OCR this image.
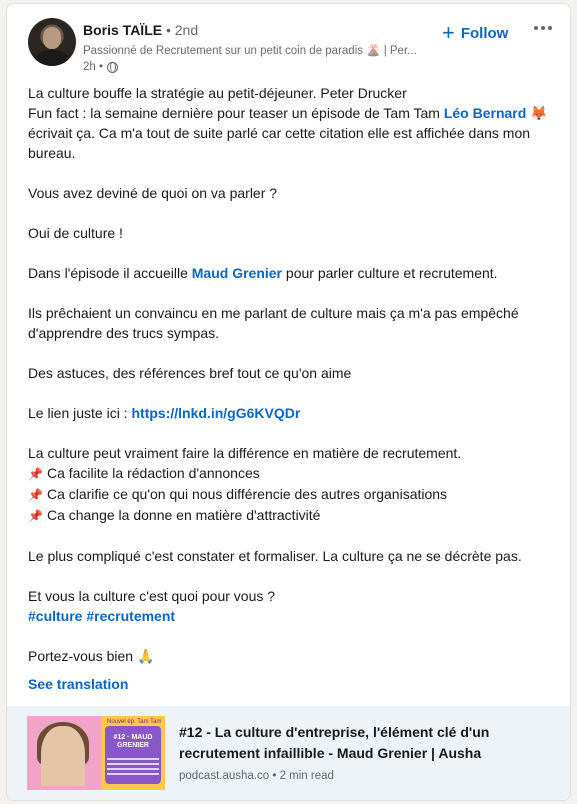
Boris TAÏLE • 2nd
Passionné de Recrutement sur un petit coin de paradis 🌋 | Per...
2h •
+ Follow

La culture bouffe la stratégie au petit-déjeuner. Peter Drucker

Fun fact : la semaine dernière pour teaser un épisode de Tam Tam Léo Bernard 🦊

écrivait ça. Ca m'a tout de suite parlé car cette citation elle est affichée dans mon

bureau.

Vous avez deviné de quoi on va parler ?

Oui de culture !

Dans l'épisode il accueille Maud Grenier pour parler culture et recrutement.

Ils prêchaient un convaincu en me parlant de culture mais ça m'a pas empêché

d'apprendre des trucs sympas.

Des astuces, des références bref tout ce qu'on aime

Le lien juste ici : https://lnkd.in/gG6KVQDr

La culture peut vraiment faire la différence en matière de recrutement.

📌 Ca facilite la rédaction d'annonces

📌 Ca clarifie ce qu'on qui nous différencie des autres organisations

📌 Ca change la donne en matière d'attractivité

Le plus compliqué c'est constater et formaliser. La culture ça ne se décrète pas.

Et vous la culture c'est quoi pour vous ?

#culture #recrutement

Portez-vous bien 🙏

See translation
Nouvel ép. Tam Tam
#12 · MAUD GRENIER
#12 - La culture d'entreprise, l'élément clé d'un recrutement infaillible - Maud Grenier | Ausha
podcast.ausha.co • 2 min read
